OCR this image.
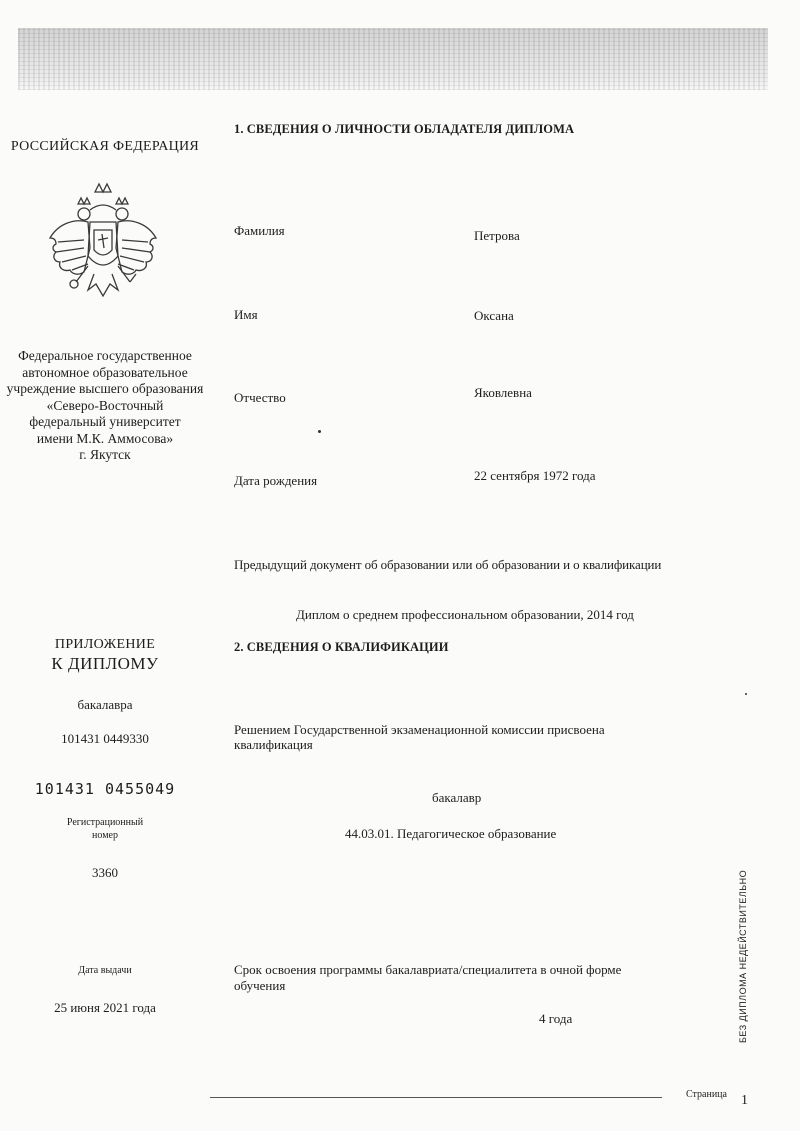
РОССИЙСКАЯ ФЕДЕРАЦИЯ
Федеральное государственное
автономное образовательное
учреждение высшего образования
«Северо-Восточный
федеральный университет
имени М.К. Аммосова»
г. Якутск
ПРИЛОЖЕНИЕ
К ДИПЛОМУ
бакалавра
101431 0449330
101431 0455049
Регистрационный
номер
3360
Дата выдачи
25 июня 2021 года
1. СВЕДЕНИЯ О ЛИЧНОСТИ ОБЛАДАТЕЛЯ ДИПЛОМА
Фамилия	Петрова
Имя	Оксана
Отчество	Яковлевна
Дата рождения	22 сентября 1972 года
Предыдущий документ об образовании или об образовании и о квалификации
Диплом о среднем профессиональном образовании, 2014 год
2. СВЕДЕНИЯ О КВАЛИФИКАЦИИ
Решением Государственной экзаменационной комиссии присвоена
квалификация
бакалавр
44.03.01. Педагогическое образование
Срок освоения программы бакалавриата/специалитета в очной форме
обучения
4 года	БЕЗ ДИПЛОМА НЕДЕЙСТВИТЕЛЬНО
Страница 1
